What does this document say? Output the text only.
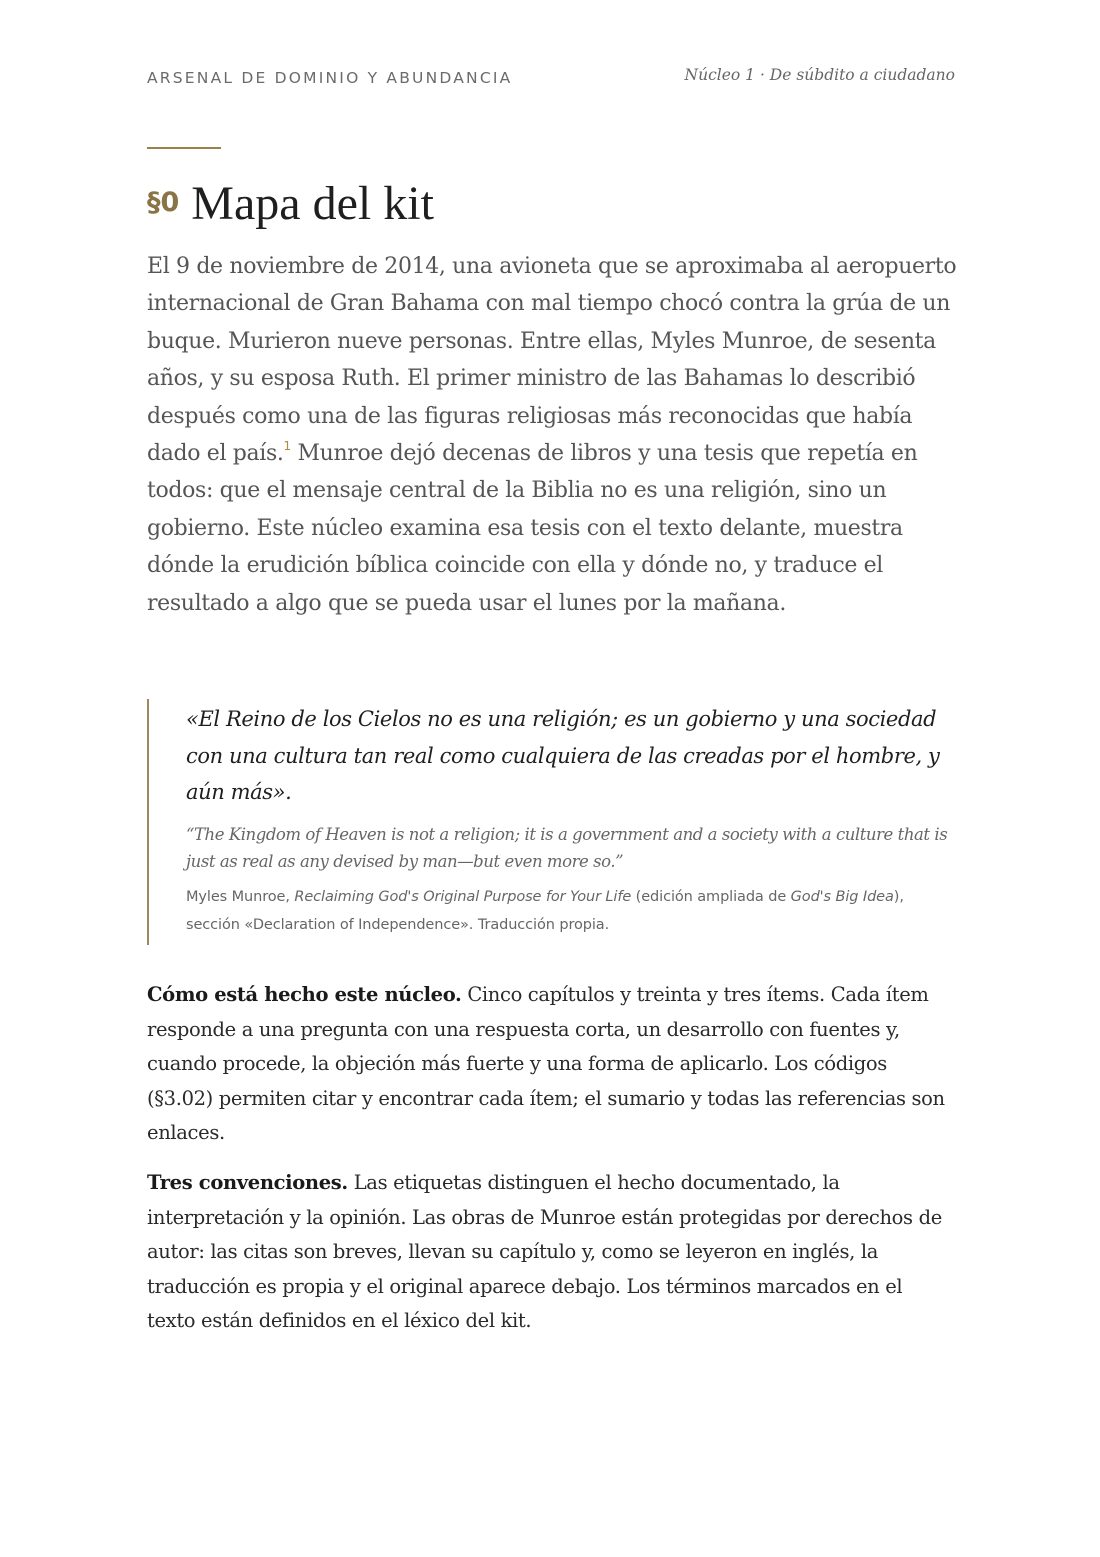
ARSENAL DE DOMINIO Y ABUNDANCIA	Núcleo 1 · De súbdito a ciudadano
§0 Mapa del kit

El 9 de noviembre de 2014, una avioneta que se aproximaba al aeropuerto internacional de Gran Bahama con mal tiempo chocó contra la grúa de un buque. Murieron nueve personas. Entre ellas, Myles Munroe, de sesenta años, y su esposa Ruth. El primer ministro de las Bahamas lo describió después como una de las figuras religiosas más reconocidas que había dado el país.$^1$ Munroe dejó decenas de libros y una tesis que repetía en todos: que el mensaje central de la Biblia no es una religión, sino un gobierno. Este núcleo examina esa tesis con el texto delante, muestra dónde la erudición bíblica coincide con ella y dónde no, y traduce el resultado a algo que se pueda usar el lunes por la mañana.

«El Reino de los Cielos no es una religión; es un gobierno y una sociedad con una cultura tan real como cualquiera de las creadas por el hombre, y aún más».

“The Kingdom of Heaven is not a religion; it is a government and a society with a culture that is just as real as any devised by man—but even more so.”

Myles Munroe, Reclaiming God's Original Purpose for Your Life (edición ampliada de God's Big Idea), sección «Declaration of Independence». Traducción propia.

Cómo está hecho este núcleo. Cinco capítulos y treinta y tres ítems. Cada ítem responde a una pregunta con una respuesta corta, un desarrollo con fuentes y, cuando procede, la objeción más fuerte y una forma de aplicarlo. Los códigos (§3.02) permiten citar y encontrar cada ítem; el sumario y todas las referencias son enlaces.

Tres convenciones. Las etiquetas distinguen el hecho documentado, la interpretación y la opinión. Las obras de Munroe están protegidas por derechos de autor: las citas son breves, llevan su capítulo y, como se leyeron en inglés, la traducción es propia y el original aparece debajo. Los términos marcados en el texto están definidos en el léxico del kit.
